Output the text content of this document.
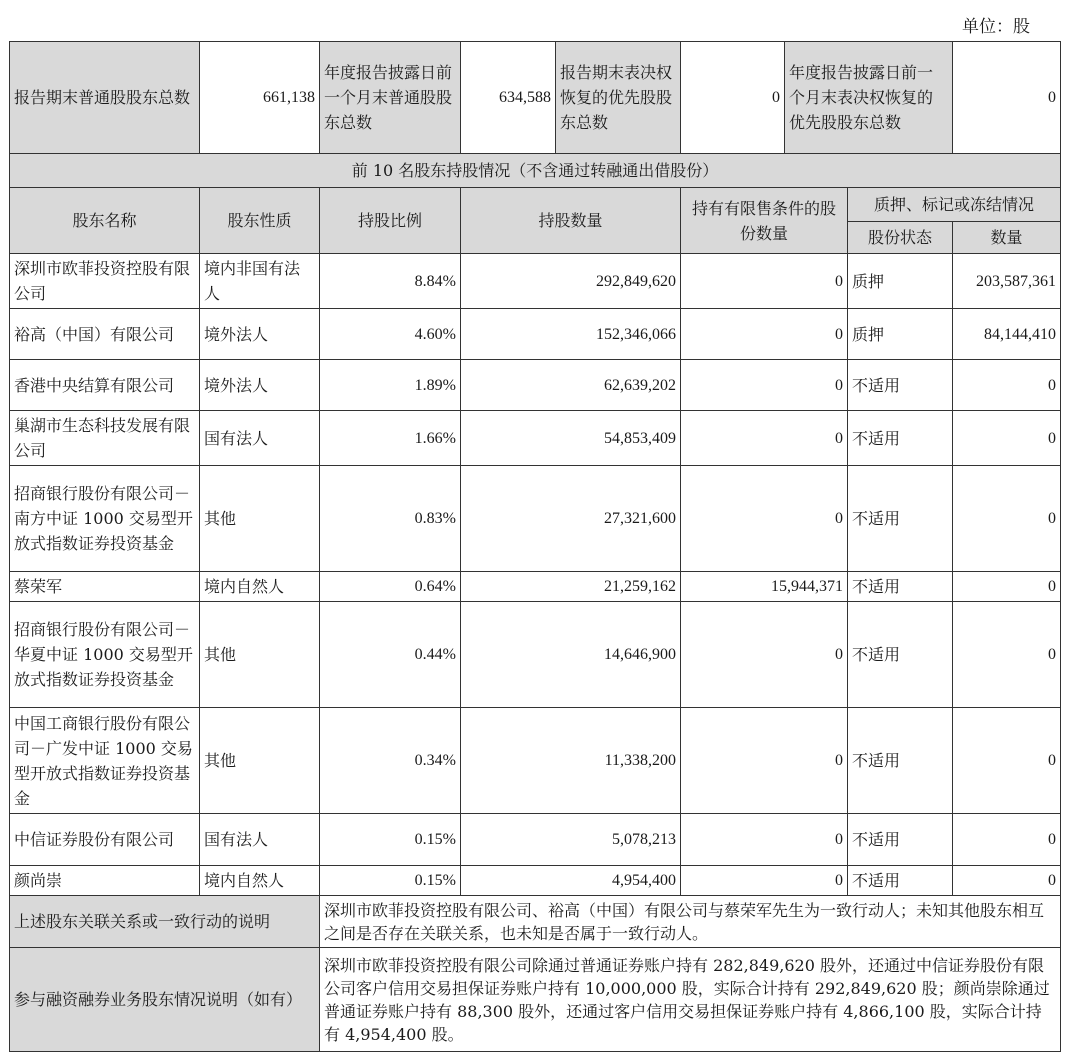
单位：股
报告期末普通股股东总数	661,138	年度报告披露日前一个月末普通股股东总数	634,588	报告期末表决权恢复的优先股股东总数	0	年度报告披露日前一个月末表决权恢复的优先股股东总数		0
前 10 名股东持股情况（不含通过转融通出借股份）								
股东名称	股东性质	持股比例	持股数量		持有有限售条件的股份数量		质押、标记或冻结情况	
							股份状态	数量
深圳市欧菲投资控股有限公司	境内非国有法人	8.84%	292,849,620		0		质押	203,587,361
裕高（中国）有限公司	境外法人	4.60%	152,346,066		0		质押	84,144,410
香港中央结算有限公司	境外法人	1.89%	62,639,202		0		不适用	0
巢湖市生态科技发展有限公司	国有法人	1.66%	54,853,409		0		不适用	0
招商银行股份有限公司－南方中证 1000 交易型开放式指数证券投资基金	其他	0.83%	27,321,600		0		不适用	0
蔡荣军	境内自然人	0.64%	21,259,162		15,944,371		不适用	0
招商银行股份有限公司－华夏中证 1000 交易型开放式指数证券投资基金	其他	0.44%	14,646,900		0		不适用	0
中国工商银行股份有限公司－广发中证 1000 交易型开放式指数证券投资基金	其他	0.34%	11,338,200		0		不适用	0
中信证券股份有限公司	国有法人	0.15%	5,078,213		0		不适用	0
颜尚崇	境内自然人	0.15%	4,954,400		0		不适用	0
上述股东关联关系或一致行动的说明		深圳市欧菲投资控股有限公司、裕高（中国）有限公司与蔡荣军先生为一致行动人；未知其他股东相互之间是否存在关联关系，也未知是否属于一致行动人。						
参与融资融券业务股东情况说明（如有）		深圳市欧菲投资控股有限公司除通过普通证券账户持有 282,849,620 股外，还通过中信证券股份有限公司客户信用交易担保证券账户持有 10,000,000 股，实际合计持有 292,849,620 股；颜尚崇除通过普通证券账户持有 88,300 股外，还通过客户信用交易担保证券账户持有 4,866,100 股，实际合计持有 4,954,400 股。						
